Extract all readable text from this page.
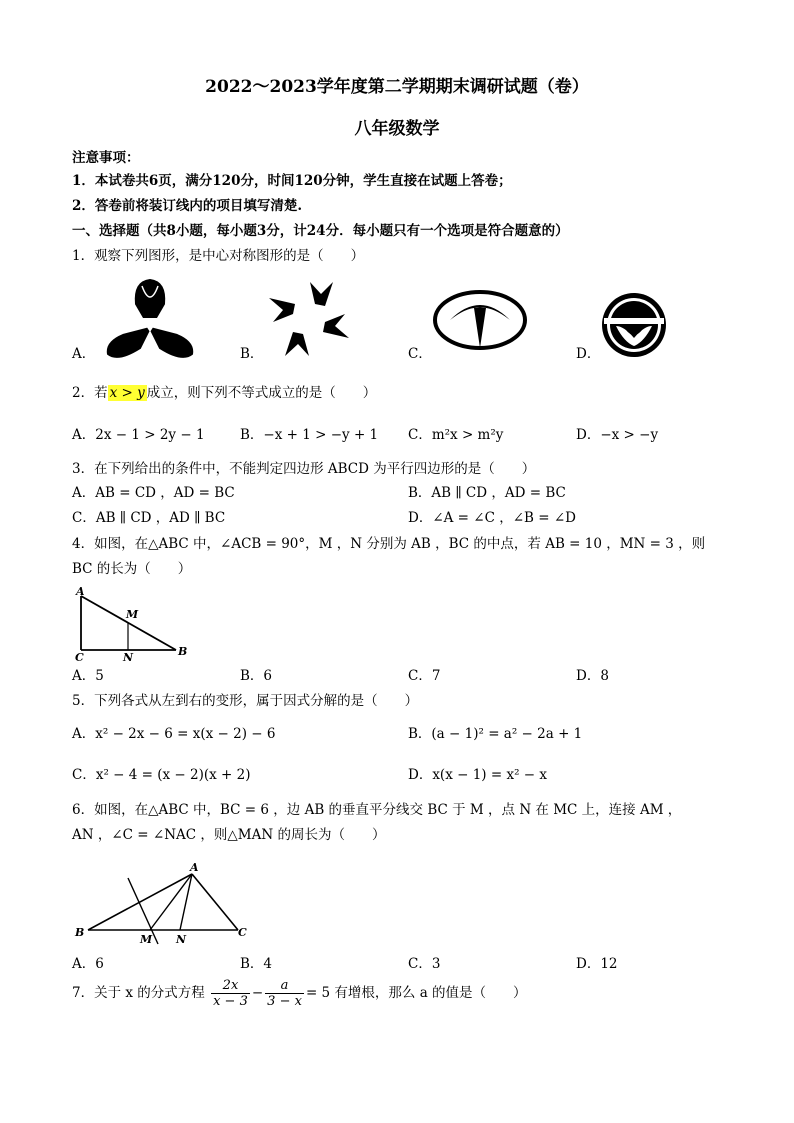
2022～2023学年度第二学期期末调研试题（卷）
八年级数学
注意事项：
1．本试卷共6页，满分120分，时间120分钟，学生直接在试题上答卷；
2．答卷前将装订线内的项目填写清楚.
一、选择题（共8小题，每小题3分，计24分．每小题只有一个选项是符合题意的）
1．观察下列图形，是中心对称图形的是（　　）
A．	B．	C．	D．
2．若 x > y 成立，则下列不等式成立的是（　　）
A．2x − 1 > 2y − 1	B．−x + 1 > −y + 1 C．m²x > m²y	D．−x > −y
3．在下列给出的条件中，不能判定四边形 ABCD 为平行四边形的是（　　）
A．AB = CD ，AD = BC	B．AB ∥ CD ，AD = BC
C．AB ∥ CD ，AD ∥ BC	D．∠A = ∠C ，∠B = ∠D
4．如图，在△ABC 中，∠ACB = 90°，M ，N 分别为 AB ，BC 的中点，若 AB = 10 ，MN = 3 ，则
BC 的长为（　　）
A
M
C	N	B
A．5	B．6	C．7	D．8
5．下列各式从左到右的变形，属于因式分解的是（　　）
A．x² − 2x − 6 = x(x − 2) − 6	B．(a − 1)² = a² − 2a + 1
C．x² − 4 = (x − 2)(x + 2)	D．x(x − 1) = x² − x
6．如图，在△ABC 中，BC = 6 ，边 AB 的垂直平分线交 BC 于 M ，点 N 在 MC 上，连接 AM ，
AN ，∠C = ∠NAC ，则△MAN 的周长为（　　）
A
B
M N
C
A．6	B．4	C．3	D．12
7．关于 x 的分式方程 $\frac{2x}{x - 3} - \frac{a}{3 - x} = 5$ 有增根，那么 a 的值是（　　）
